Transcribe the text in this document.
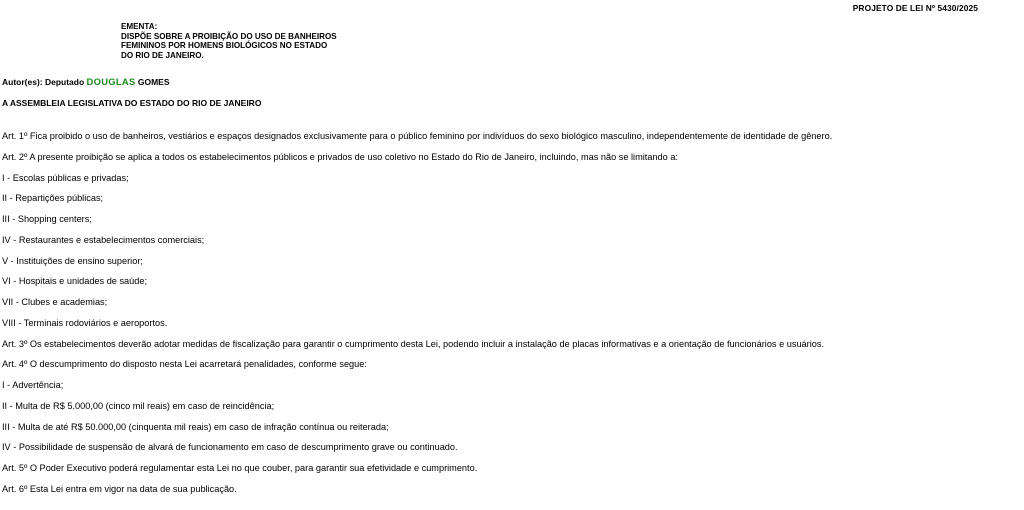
PROJETO DE LEI Nº 5430/2025
EMENTA:
DISPÕE SOBRE A PROIBIÇÃO DO USO DE BANHEIROS
FEMININOS POR HOMENS BIOLÓGICOS NO ESTADO
DO RIO DE JANEIRO.
Autor(es): Deputado DOUGLAS GOMES
A ASSEMBLEIA LEGISLATIVA DO ESTADO DO RIO DE JANEIRO
Art. 1º Fica proibido o uso de banheiros, vestiários e espaços designados exclusivamente para o público feminino por indivíduos do sexo biológico masculino, independentemente de identidade de gênero.
Art. 2º A presente proibição se aplica a todos os estabelecimentos públicos e privados de uso coletivo no Estado do Rio de Janeiro, incluindo, mas não se limitando a:
I - Escolas públicas e privadas;
II - Repartições públicas;
III - Shopping centers;
IV - Restaurantes e estabelecimentos comerciais;
V - Instituições de ensino superior;
VI - Hospitais e unidades de saúde;
VII - Clubes e academias;
VIII - Terminais rodoviários e aeroportos.
Art. 3º Os estabelecimentos deverão adotar medidas de fiscalização para garantir o cumprimento desta Lei, podendo incluir a instalação de placas informativas e a orientação de funcionários e usuários.
Art. 4º O descumprimento do disposto nesta Lei acarretará penalidades, conforme segue:
I - Advertência;
II - Multa de R$ 5.000,00 (cinco mil reais) em caso de reincidência;
III - Multa de até R$ 50.000,00 (cinquenta mil reais) em caso de infração contínua ou reiterada;
IV - Possibilidade de suspensão de alvará de funcionamento em caso de descumprimento grave ou continuado.
Art. 5º O Poder Executivo poderá regulamentar esta Lei no que couber, para garantir sua efetividade e cumprimento.
Art. 6º Esta Lei entra em vigor na data de sua publicação.
